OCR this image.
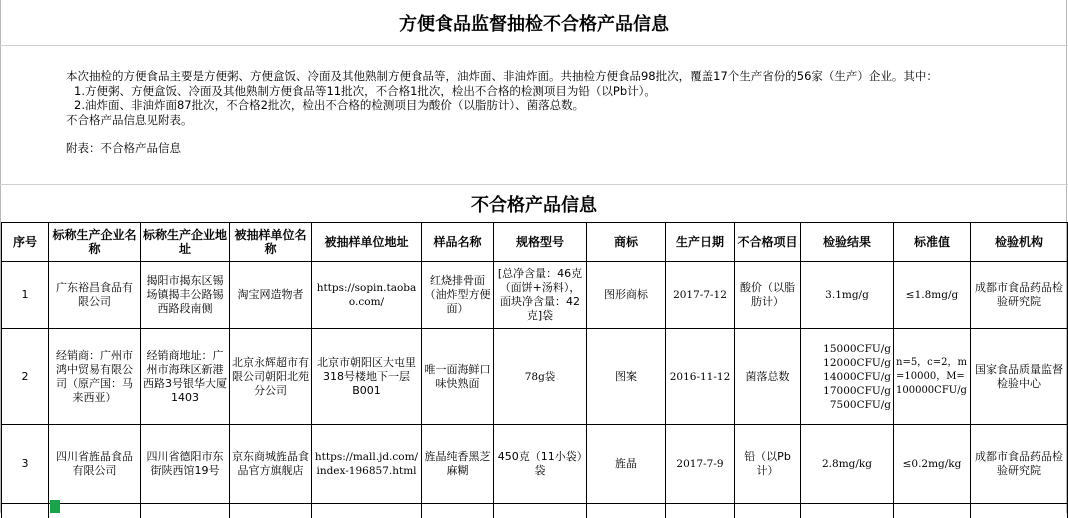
方便食品监督抽检不合格产品信息
本次抽检的方便食品主要是方便粥、方便盒饭、冷面及其他熟制方便食品等，油炸面、非油炸面。共抽检方便食品98批次，覆盖17个生产省份的56家（生产）企业。其中：
1.方便粥、方便盒饭、冷面及其他熟制方便食品等11批次，不合格1批次，检出不合格的检测项目为铅（以Pb计）。
2.油炸面、非油炸面87批次，不合格2批次，检出不合格的检测项目为酸价（以脂肪计）、菌落总数。
不合格产品信息见附表。
附表：不合格产品信息
不合格产品信息
序号	标称生产企业名称	标称生产企业地址	被抽样单位名称	被抽样单位地址	样品名称	规格型号	商标	生产日期	不合格项目	检验结果	标准值	检验机构
1	广东裕昌食品有限公司	揭阳市揭东区锡场镇揭丰公路锡西路段南侧	淘宝网造物者	https://sopin.taobao.com/	红烧排骨面（油炸型方便面）	[总净含量：46克（面饼+汤料），面块净含量：42克]袋	图形商标	2017-7-12	酸价（以脂肪计）	3.1mg/g	≤1.8mg/g	成都市食品药品检验研究院
2	经销商：广州市鸿中贸易有限公司（原产国：马来西亚）	经销商地址：广州市海珠区新港西路3号银华大厦1403	北京永辉超市有限公司朝阳北苑分公司	北京市朝阳区大屯里318号楼地下一层B001	唯一面海鲜口味快熟面	78g袋	图案	2016-11-12	菌落总数	15000CFU/g
12000CFU/g
14000CFU/g
17000CFU/g
7500CFU/g	n=5，c=2，m=10000，M=100000CFU/g	国家食品质量监督检验中心
3	四川省旌晶食品有限公司	四川省德阳市东街陕西馆19号	京东商城旌晶食品官方旗舰店	https://mall.jd.com/index-196857.html	旌晶纯香黑芝麻糊	450克（11小袋）袋	旌晶	2017-7-9	铅（以Pb计）	2.8mg/kg	≤0.2mg/kg	成都市食品药品检验研究院
